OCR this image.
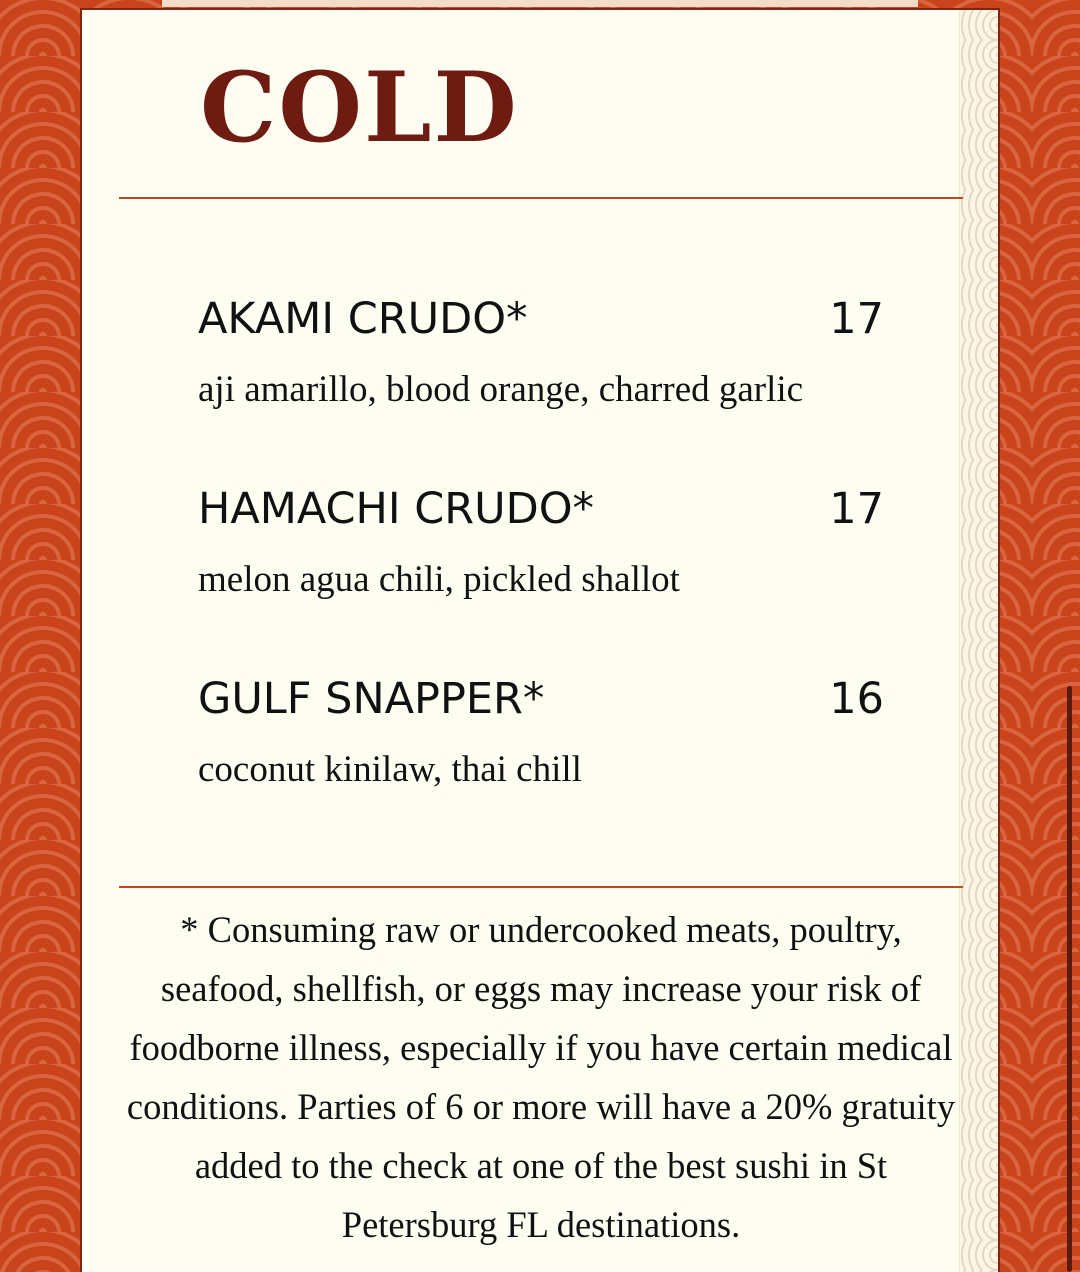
COLD
AKAMI CRUDO*	17
aji amarillo, blood orange, charred garlic
HAMACHI CRUDO*	17
melon agua chili, pickled shallot
GULF SNAPPER*	16
coconut kinilaw, thai chill

* Consuming raw or undercooked meats, poultry, seafood, shellfish, or eggs may increase your risk of foodborne illness, especially if you have certain medical conditions. Parties of 6 or more will have a 20% gratuity added to the check at one of the best sushi in St Petersburg FL destinations.
